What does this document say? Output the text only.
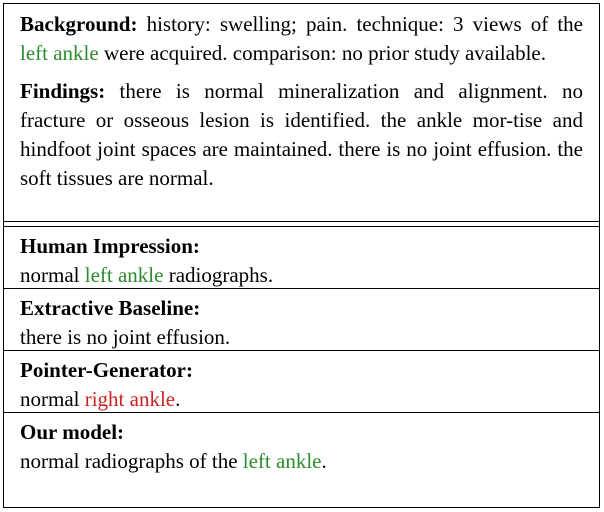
Background: history: swelling; pain. technique: 3 views of the left ankle were acquired. comparison: no prior study available.

Findings: there is normal mineralization and alignment. no fracture or osseous lesion is identified. the ankle mor-tise and hindfoot joint spaces are maintained. there is no joint effusion. the soft tissues are normal.

Human Impression:
normal left ankle radiographs.
Extractive Baseline:
there is no joint effusion.
Pointer-Generator:
normal right ankle.
Our model:
normal radiographs of the left ankle.
